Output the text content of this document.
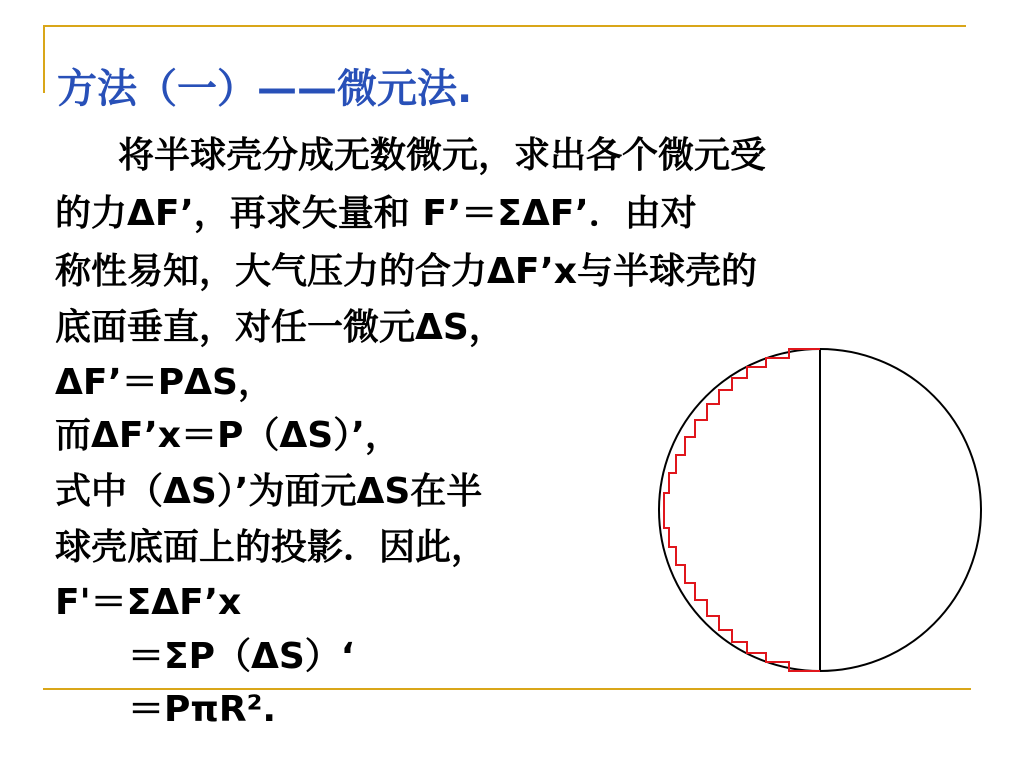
方法（一）——微元法.

将半球壳分成无数微元，求出各个微元受

的力ΔF’，再求矢量和 F’＝ΣΔF’．由对

称性易知，大气压力的合力ΔF’x与半球壳的

底面垂直，对任一微元ΔS，

ΔF’＝PΔS，

而ΔF’x＝P（ΔS）’，

式中（ΔS）’为面元ΔS在半

球壳底面上的投影．因此，

F'＝ΣΔF’x

＝ΣP（ΔS）‘

＝PπR².
